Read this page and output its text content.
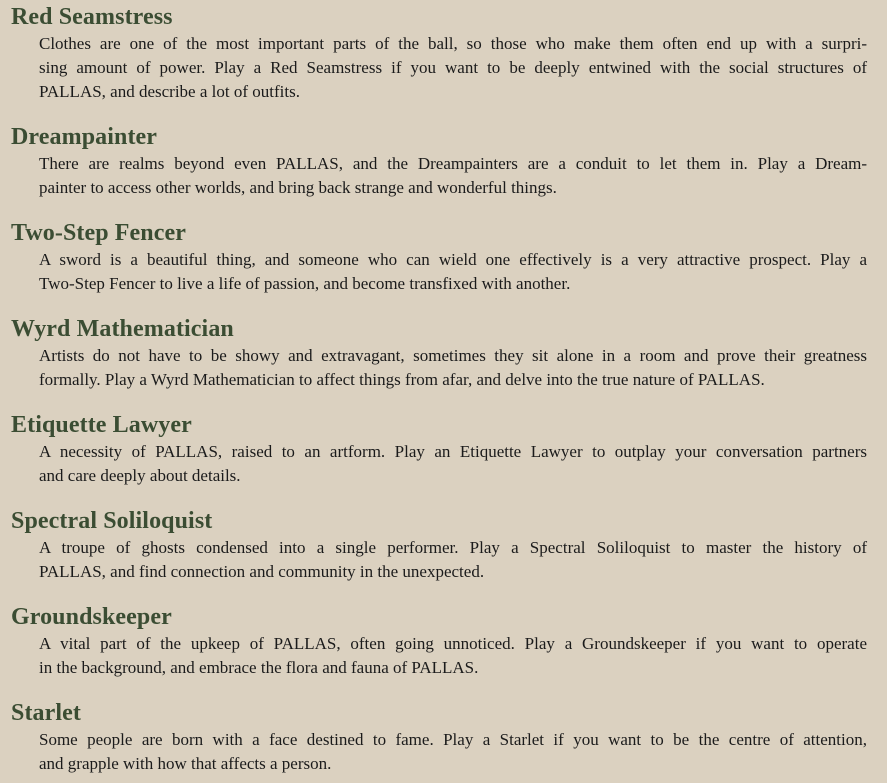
Red Seamstress

Clothes are one of the most important parts of the ball, so those who make them often end up with a surpri-
sing amount of power. Play a Red Seamstress if you want to be deeply entwined with the social structures of
PALLAS, and describe a lot of outfits.

Dreampainter

There are realms beyond even PALLAS, and the Dreampainters are a conduit to let them in. Play a Dream-
painter to access other worlds, and bring back strange and wonderful things.

Two-Step Fencer

A sword is a beautiful thing, and someone who can wield one effectively is a very attractive prospect. Play a
Two-Step Fencer to live a life of passion, and become transfixed with another.

Wyrd Mathematician

Artists do not have to be showy and extravagant, sometimes they sit alone in a room and prove their greatness
formally. Play a Wyrd Mathematician to affect things from afar, and delve into the true nature of PALLAS.

Etiquette Lawyer

A necessity of PALLAS, raised to an artform. Play an Etiquette Lawyer to outplay your conversation partners
and care deeply about details.

Spectral Soliloquist

A troupe of ghosts condensed into a single performer. Play a Spectral Soliloquist to master the history of
PALLAS, and find connection and community in the unexpected.

Groundskeeper

A vital part of the upkeep of PALLAS, often going unnoticed. Play a Groundskeeper if you want to operate
in the background, and embrace the flora and fauna of PALLAS.

Starlet

Some people are born with a face destined to fame. Play a Starlet if you want to be the centre of attention,
and grapple with how that affects a person.
